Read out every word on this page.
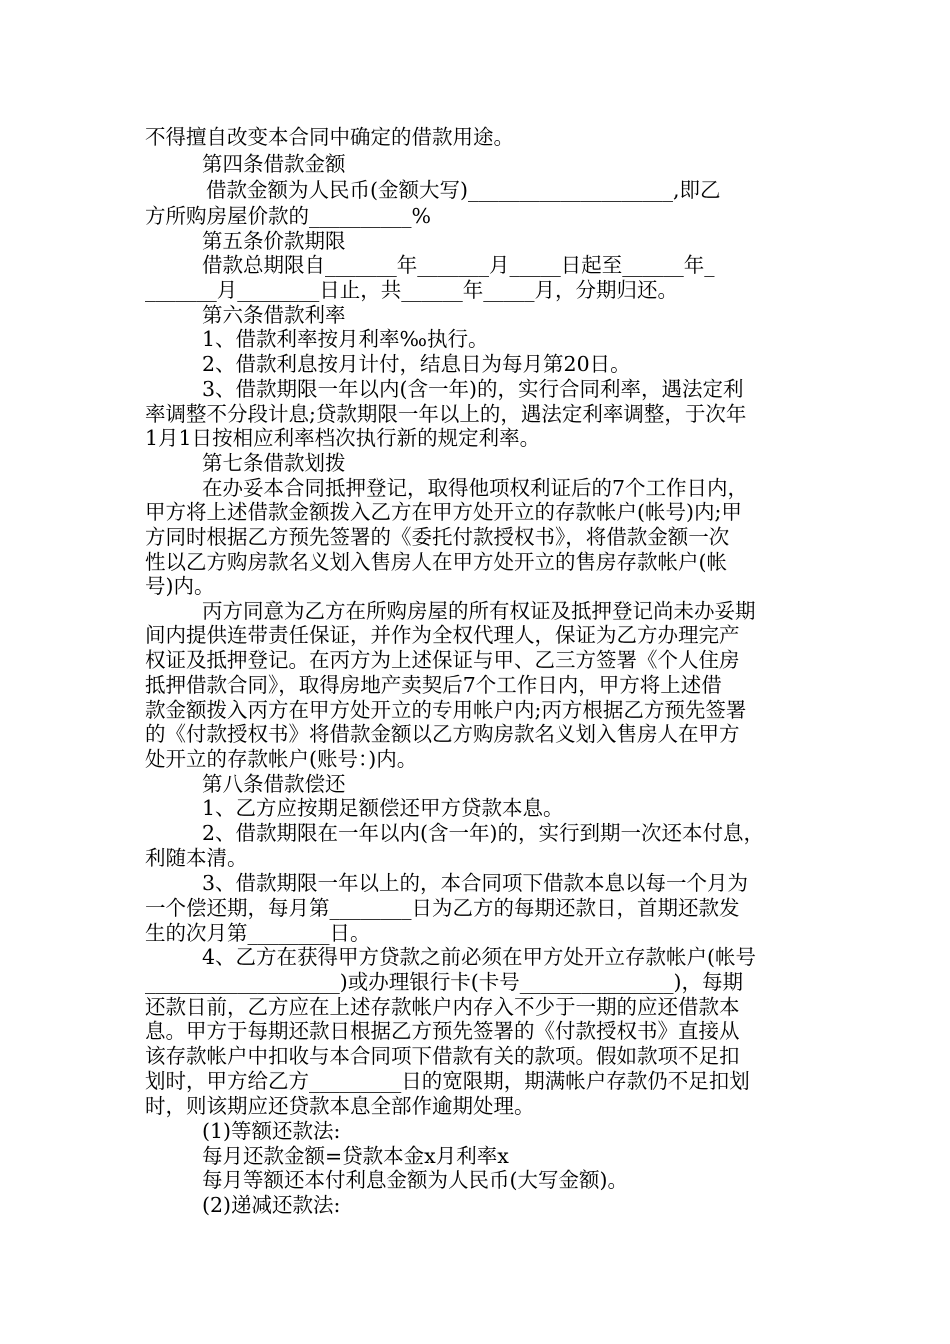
不得擅自改变本合同中确定的借款用途。
第四条借款金额
借款金额为人民币(金额大写)____________________,即乙
方所购房屋价款的__________%
第五条价款期限
借款总期限自_______年_______月_____日起至______年_
_______月________日止，共______年_____月，分期归还。
第六条借款利率
1、借款利率按月利率‰执行。
2、借款利息按月计付，结息日为每月第20日。
3、借款期限一年以内(含一年)的，实行合同利率，遇法定利
率调整不分段计息;贷款期限一年以上的，遇法定利率调整，于次年
1月1日按相应利率档次执行新的规定利率。
第七条借款划拨
在办妥本合同抵押登记，取得他项权利证后的7个工作日内，
甲方将上述借款金额拨入乙方在甲方处开立的存款帐户(帐号)内;甲
方同时根据乙方预先签署的《委托付款授权书》，将借款金额一次
性以乙方购房款名义划入售房人在甲方处开立的售房存款帐户(帐
号)内。
丙方同意为乙方在所购房屋的所有权证及抵押登记尚未办妥期
间内提供连带责任保证，并作为全权代理人，保证为乙方办理完产
权证及抵押登记。在丙方为上述保证与甲、乙三方签署《个人住房
抵押借款合同》，取得房地产卖契后7个工作日内，甲方将上述借
款金额拨入丙方在甲方处开立的专用帐户内;丙方根据乙方预先签署
的《付款授权书》将借款金额以乙方购房款名义划入售房人在甲方
处开立的存款帐户(账号：)内。
第八条借款偿还
1、乙方应按期足额偿还甲方贷款本息。
2、借款期限在一年以内(含一年)的，实行到期一次还本付息，
利随本清。
3、借款期限一年以上的，本合同项下借款本息以每一个月为
一个偿还期，每月第________日为乙方的每期还款日，首期还款发
生的次月第________日。
4、乙方在获得甲方贷款之前必须在甲方处开立存款帐户(帐号
___________________)或办理银行卡(卡号_______________)，每期
还款日前，乙方应在上述存款帐户内存入不少于一期的应还借款本
息。甲方于每期还款日根据乙方预先签署的《付款授权书》直接从
该存款帐户中扣收与本合同项下借款有关的款项。假如款项不足扣
划时，甲方给乙方_________日的宽限期，期满帐户存款仍不足扣划
时，则该期应还贷款本息全部作逾期处理。
(1)等额还款法:
每月还款金额=贷款本金x月利率x
每月等额还本付利息金额为人民币(大写金额)。
(2)递减还款法:
